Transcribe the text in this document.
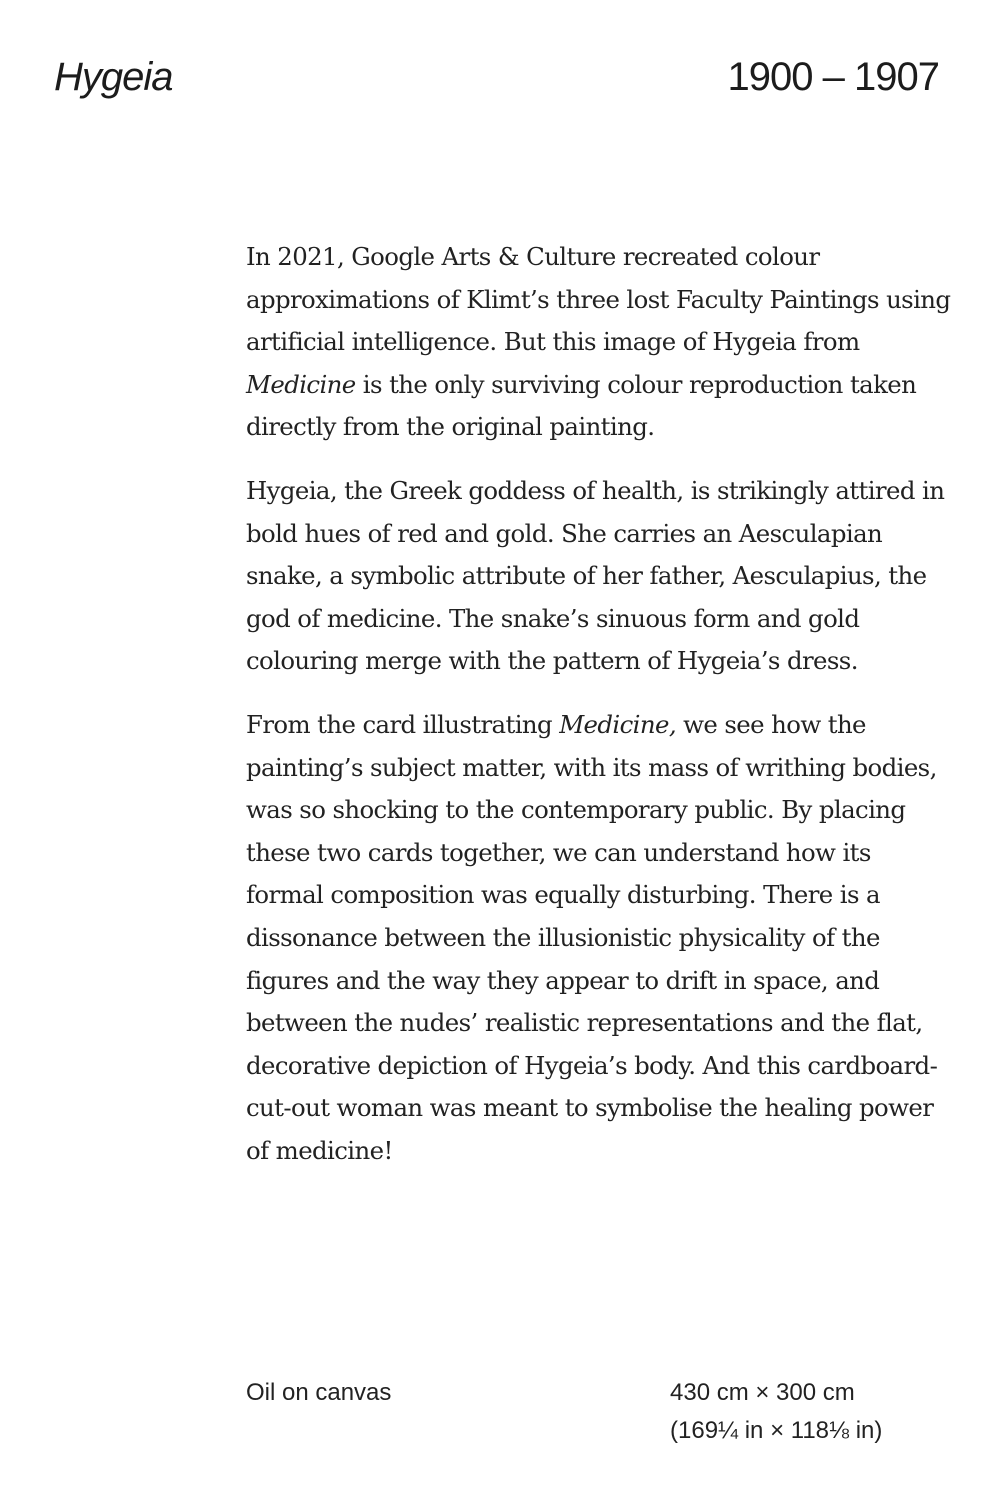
Hygeia	1900 – 1907

In 2021, Google Arts & Culture recreated colour approximations of Klimt’s three lost Faculty Paintings using artificial intelligence. But this image of Hygeia from Medicine is the only surviving colour reproduction taken directly from the original painting.

Hygeia, the Greek goddess of health, is strikingly attired in bold hues of red and gold. She carries an Aesculapian snake, a symbolic attribute of her father, Aesculapius, the god of medicine. The snake’s sinuous form and gold colouring merge with the pattern of Hygeia’s dress.

From the card illustrating Medicine, we see how the painting’s subject matter, with its mass of writhing bodies, was so shocking to the contemporary public. By placing these two cards together, we can understand how its formal composition was equally disturbing. There is a dissonance between the illusionistic physicality of the figures and the way they appear to drift in space, and between the nudes’ realistic representations and the flat, decorative depiction of Hygeia’s body. And this cardboard-cut-out woman was meant to symbolise the healing power of medicine!

Oil on canvas	430 cm × 300 cm
(169¼ in × 118⅛ in)
